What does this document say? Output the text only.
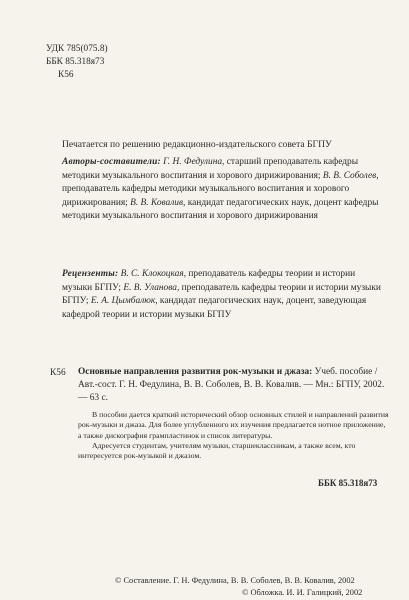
УДК 785(075.8)
ББК 85.318я73
К56
Печатается по решению редакционно-издательского совета БГПУ
Авторы-составители: Г. Н. Федулина, старший преподаватель кафедры методики музыкального воспитания и хорового дирижирования; В. В. Соболев, преподаватель кафедры методики музыкального воспитания и хорового дирижирования; В. В. Ковалив, кандидат педагогических наук, доцент кафедры методики музыкального воспитания и хорового дирижирования
Рецензенты: В. С. Клокоцкая, преподаватель кафедры теории и истории музыки БГПУ; Е. В. Уланова, преподаватель кафедры теории и истории музыки БГПУ; Е. А. Цымбалюк, кандидат педагогических наук, доцент, заведующая кафедрой теории и истории музыки БГПУ
К56 Основные направления развития рок-музыки и джаза: Учеб. пособие / Авт.-сост. Г. Н. Федулина, В. В. Соболев, В. В. Ковалив. — Мн.: БГПУ, 2002. — 63 с.

В пособии дается краткий исторический обзор основных стилей и направлений развития рок-музыки и джаза. Для более углубленного их изучения предлагается нотное приложение, а также дискография грампластинок и список литературы.

Адресуется студентам, учителям музыки, старшеклассникам, а также всем, кто интересуется рок-музыкой и джазом.

ББК 85.318я73
© Составление. Г. Н. Федулина, В. В. Соболев, В. В. Ковалив, 2002
© Обложка. И. И. Галицкий, 2002
